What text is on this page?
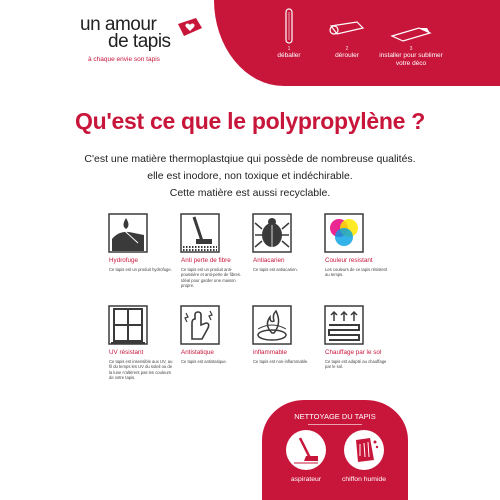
un amour
de tapis
à chaque envie son tapis
1
déballer
2
dérouler
3
installer pour sublimer votre déco
Qu'est ce que le polypropylène ?

C'est une matière thermoplastqiue qui possède de nombreuse qualités.

elle est inodore, non toxique et indéchirable.

Cette matière est aussi recyclable.

Hydrofuge
Ce tapis est un produit hydrofuge.
Anti perte de fibre
Ce tapis est un produit anti-poussière et anti-perte de fibres. Idéal pour garder une maison propre.
Antiacarien
Ce tapis est antiacarien.
Couleur resistant
Les couleurs de ce tapis résistent au temps.
UV résistant
Ce tapis est insensible aux UV, au fil du temps les UV du soleil ou de la lune n'altèrent pas les couleurs de votre tapis.
Antistatique
Ce tapis est antistatique.
inflammable
Ce tapis est non-inflammable.
Chauffage par le sol
Ce tapis est adapté au chauffage par le sol.
NETTOYAGE DU TAPIS
aspirateur	chiffon humide
